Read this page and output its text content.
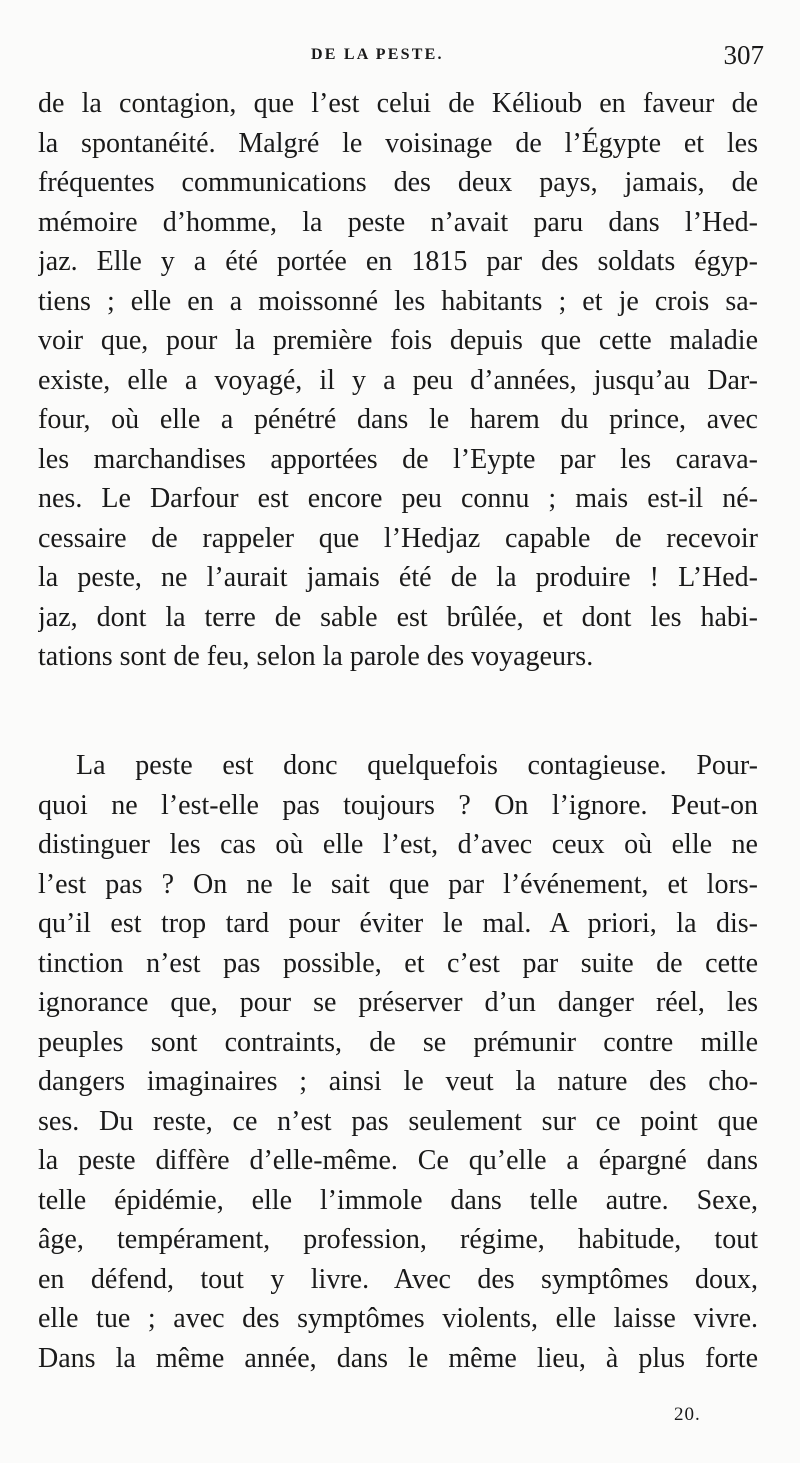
DE LA PESTE.	307
de la contagion, que l’est celui de Kélioub en faveur de
la spontanéité. Malgré le voisinage de l’Égypte et les
fréquentes communications des deux pays, jamais, de
mémoire d’homme, la peste n’avait paru dans l’Hed-
jaz. Elle y a été portée en 1815 par des soldats égyp-
tiens ; elle en a moissonné les habitants ; et je crois sa-
voir que, pour la première fois depuis que cette maladie
existe, elle a voyagé, il y a peu d’années, jusqu’au Dar-
four, où elle a pénétré dans le harem du prince, avec
les marchandises apportées de l’Eypte par les carava-
nes. Le Darfour est encore peu connu ; mais est-il né-
cessaire de rappeler que l’Hedjaz capable de recevoir
la peste, ne l’aurait jamais été de la produire ! L’Hed-
jaz, dont la terre de sable est brûlée, et dont les habi-
tations sont de feu, selon la parole des voyageurs.
La peste est donc quelquefois contagieuse. Pour-
quoi ne l’est-elle pas toujours ? On l’ignore. Peut-on
distinguer les cas où elle l’est, d’avec ceux où elle ne
l’est pas ? On ne le sait que par l’événement, et lors-
qu’il est trop tard pour éviter le mal. A priori, la dis-
tinction n’est pas possible, et c’est par suite de cette
ignorance que, pour se préserver d’un danger réel, les
peuples sont contraints, de se prémunir contre mille
dangers imaginaires ; ainsi le veut la nature des cho-
ses. Du reste, ce n’est pas seulement sur ce point que
la peste diffère d’elle-même. Ce qu’elle a épargné dans
telle épidémie, elle l’immole dans telle autre. Sexe,
âge, tempérament, profession, régime, habitude, tout
en défend, tout y livre. Avec des symptômes doux,
elle tue ; avec des symptômes violents, elle laisse vivre.
Dans la même année, dans le même lieu, à plus forte
20.
